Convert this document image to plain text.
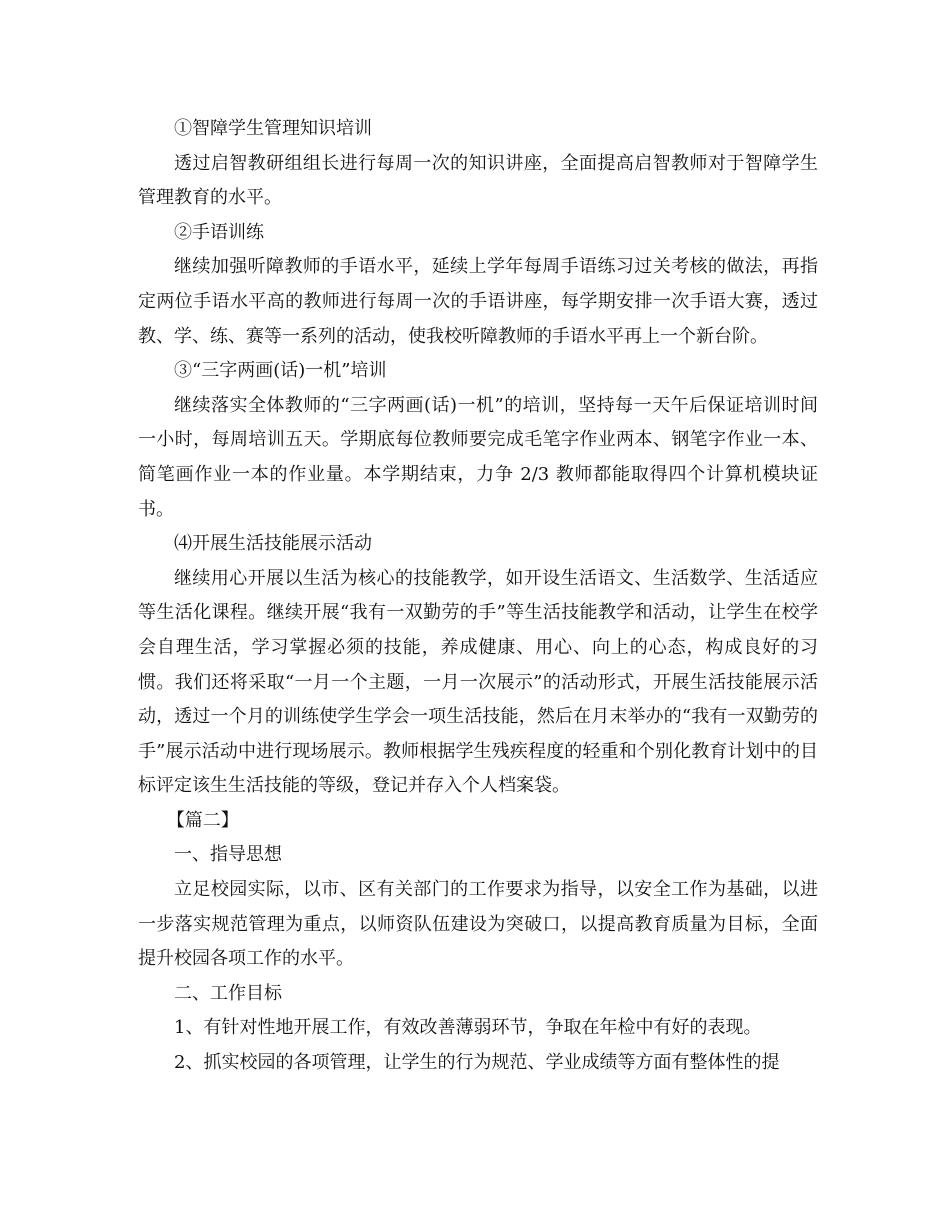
①智障学生管理知识培训

透过启智教研组组长进行每周一次的知识讲座，全面提高启智教师对于智障学生管理教育的水平。

②手语训练

继续加强听障教师的手语水平，延续上学年每周手语练习过关考核的做法，再指定两位手语水平高的教师进行每周一次的手语讲座，每学期安排一次手语大赛，透过教、学、练、赛等一系列的活动，使我校听障教师的手语水平再上一个新台阶。

③“三字两画(话)一机”培训

继续落实全体教师的“三字两画(话)一机”的培训，坚持每一天午后保证培训时间一小时，每周培训五天。学期底每位教师要完成毛笔字作业两本、钢笔字作业一本、简笔画作业一本的作业量。本学期结束，力争 2/3 教师都能取得四个计算机模块证书。

⑷开展生活技能展示活动

继续用心开展以生活为核心的技能教学，如开设生活语文、生活数学、生活适应等生活化课程。继续开展“我有一双勤劳的手”等生活技能教学和活动，让学生在校学会自理生活，学习掌握必须的技能，养成健康、用心、向上的心态，构成良好的习惯。我们还将采取“一月一个主题，一月一次展示”的活动形式，开展生活技能展示活动，透过一个月的训练使学生学会一项生活技能，然后在月末举办的“我有一双勤劳的手”展示活动中进行现场展示。教师根据学生残疾程度的轻重和个别化教育计划中的目标评定该生生活技能的等级，登记并存入个人档案袋。

【篇二】

一、指导思想

立足校园实际，以市、区有关部门的工作要求为指导，以安全工作为基础，以进一步落实规范管理为重点，以师资队伍建设为突破口，以提高教育质量为目标，全面提升校园各项工作的水平。

二、工作目标

1、有针对性地开展工作，有效改善薄弱环节，争取在年检中有好的表现。

2、抓实校园的各项管理，让学生的行为规范、学业成绩等方面有整体性的提
